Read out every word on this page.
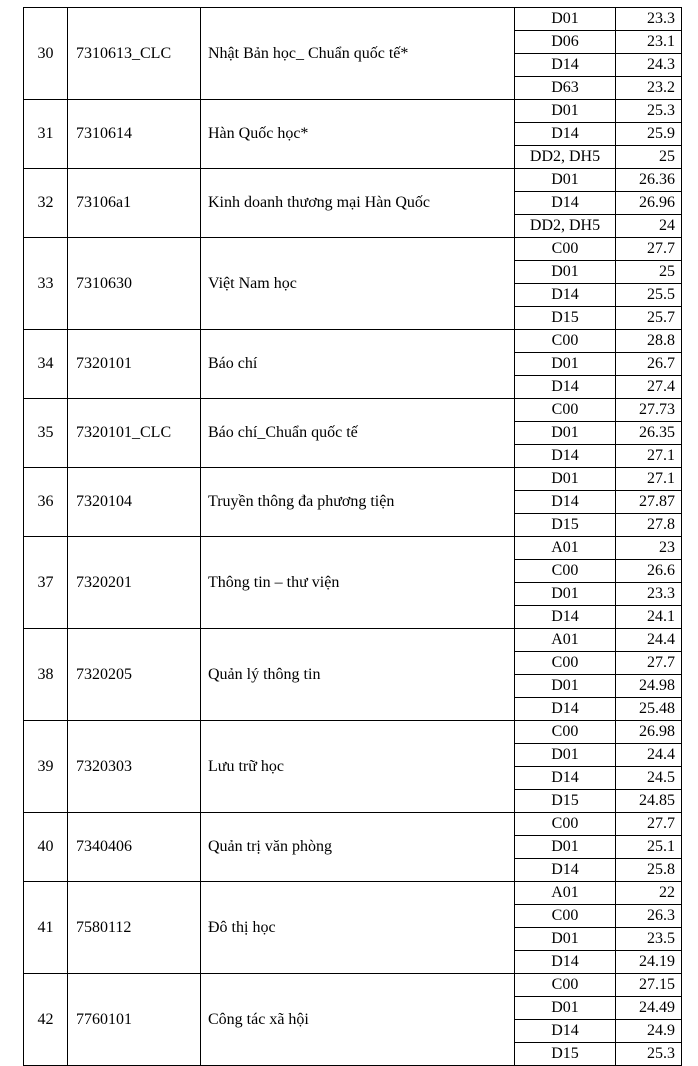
30	7310613_CLC	Nhật Bản học_ Chuẩn quốc tế*	D01	23.3
			D06	23.1
			D14	24.3
			D63	23.2
31	7310614	Hàn Quốc học*	D01	25.3
			D14	25.9
			DD2, DH5	25
32	73106a1	Kinh doanh thương mại Hàn Quốc	D01	26.36
			D14	26.96
			DD2, DH5	24
33	7310630	Việt Nam học	C00	27.7
			D01	25
			D14	25.5
			D15	25.7
34	7320101	Báo chí	C00	28.8
			D01	26.7
			D14	27.4
35	7320101_CLC	Báo chí_Chuẩn quốc tế	C00	27.73
			D01	26.35
			D14	27.1
36	7320104	Truyền thông đa phương tiện	D01	27.1
			D14	27.87
			D15	27.8
37	7320201	Thông tin – thư viện	A01	23
			C00	26.6
			D01	23.3
			D14	24.1
38	7320205	Quản lý thông tin	A01	24.4
			C00	27.7
			D01	24.98
			D14	25.48
39	7320303	Lưu trữ học	C00	26.98
			D01	24.4
			D14	24.5
			D15	24.85
40	7340406	Quản trị văn phòng	C00	27.7
			D01	25.1
			D14	25.8
41	7580112	Đô thị học	A01	22
			C00	26.3
			D01	23.5
			D14	24.19
42	7760101	Công tác xã hội	C00	27.15
			D01	24.49
			D14	24.9
			D15	25.3
